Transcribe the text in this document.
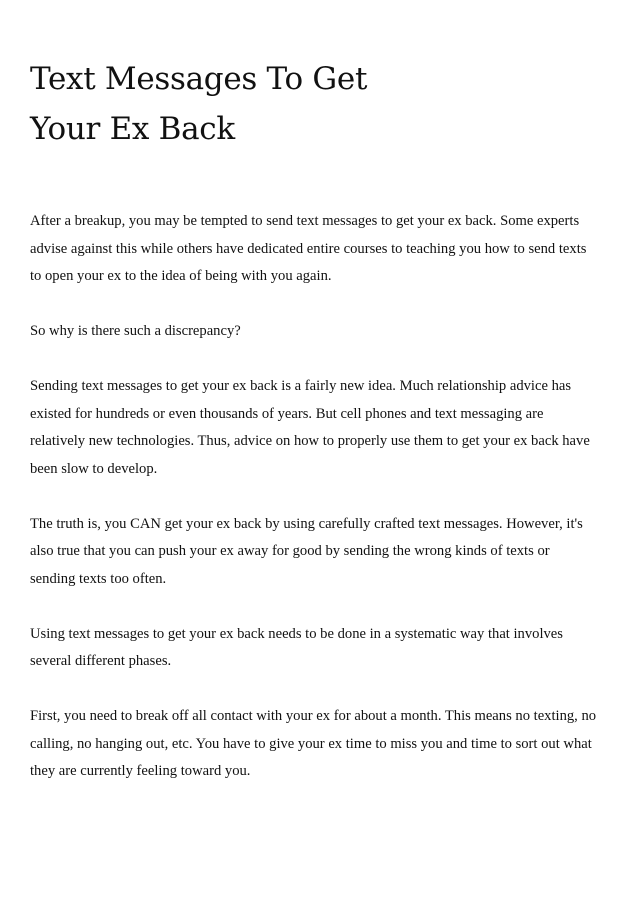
Text Messages To Get
Your Ex Back

After a breakup, you may be tempted to send text messages to get your ex back. Some experts advise against this while others have dedicated entire courses to teaching you how to send texts to open your ex to the idea of being with you again.

So why is there such a discrepancy?

Sending text messages to get your ex back is a fairly new idea. Much relationship advice has existed for hundreds or even thousands of years. But cell phones and text messaging are relatively new technologies. Thus, advice on how to properly use them to get your ex back have been slow to develop.

The truth is, you CAN get your ex back by using carefully crafted text messages. However, it's also true that you can push your ex away for good by sending the wrong kinds of texts or sending texts too often.

Using text messages to get your ex back needs to be done in a systematic way that involves several different phases.

First, you need to break off all contact with your ex for about a month. This means no texting, no calling, no hanging out, etc. You have to give your ex time to miss you and time to sort out what they are currently feeling toward you.
